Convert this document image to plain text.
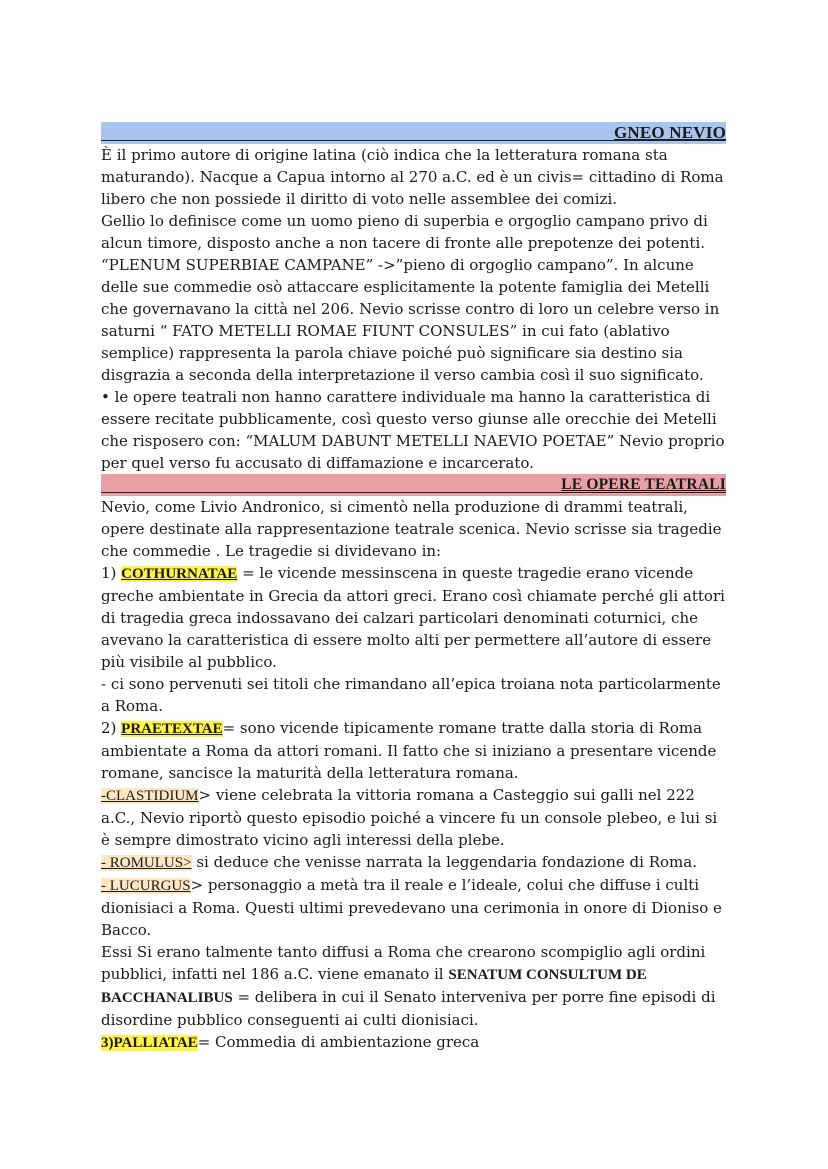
GNEO NEVIO

È il primo autore di origine latina (ciò indica che la letteratura romana sta maturando). Nacque a Capua intorno al 270 a.C. ed è un civis= cittadino di Roma libero che non possiede il diritto di voto nelle assemblee dei comizi.

Gellio lo definisce come un uomo pieno di superbia e orgoglio campano privo di alcun timore, disposto anche a non tacere di fronte alle prepotenze dei potenti. “PLENUM SUPERBIAE CAMPANE” ->”pieno di orgoglio campano”. In alcune delle sue commedie osò attaccare esplicitamente la potente famiglia dei Metelli che governavano la città nel 206. Nevio scrisse contro di loro un celebre verso in saturni “ FATO METELLI ROMAE FIUNT CONSULES” in cui fato (ablativo semplice) rappresenta la parola chiave poiché può significare sia destino sia disgrazia a seconda della interpretazione il verso cambia così il suo significato.

• le opere teatrali non hanno carattere individuale ma hanno la caratteristica di essere recitate pubblicamente, così questo verso giunse alle orecchie dei Metelli che risposero con: “MALUM DABUNT METELLI NAEVIO POETAE” Nevio proprio per quel verso fu accusato di diffamazione e incarcerato.

LE OPERE TEATRALI

Nevio, come Livio Andronico, si cimentò nella produzione di drammi teatrali, opere destinate alla rappresentazione teatrale scenica. Nevio scrisse sia tragedie che commedie . Le tragedie si dividevano in:

1) COTHURNATAE = le vicende messinscena in queste tragedie erano vicende greche ambientate in Grecia da attori greci. Erano così chiamate perché gli attori di tragedia greca indossavano dei calzari particolari denominati coturnici, che avevano la caratteristica di essere molto alti per permettere all’autore di essere più visibile al pubblico.

- ci sono pervenuti sei titoli che rimandano all’epica troiana nota particolarmente a Roma.

2) PRAETEXTAE= sono vicende tipicamente romane tratte dalla storia di Roma ambientate a Roma da attori romani. Il fatto che si iniziano a presentare vicende romane, sancisce la maturità della letteratura romana.

-CLASTIDIUM> viene celebrata la vittoria romana a Casteggio sui galli nel 222 a.C., Nevio riportò questo episodio poiché a vincere fu un console plebeo, e lui si è sempre dimostrato vicino agli interessi della plebe.

- ROMULUS> si deduce che venisse narrata la leggendaria fondazione di Roma.

- LUCURGUS> personaggio a metà tra il reale e l’ideale, colui che diffuse i culti dionisiaci a Roma. Questi ultimi prevedevano una cerimonia in onore di Dioniso e Bacco.

Essi Si erano talmente tanto diffusi a Roma che crearono scompiglio agli ordini pubblici, infatti nel 186 a.C. viene emanato il SENATUM CONSULTUM DE BACCHANALIBUS = delibera in cui il Senato interveniva per porre fine episodi di disordine pubblico conseguenti ai culti dionisiaci.

3)PALLIATAE= Commedia di ambientazione greca
